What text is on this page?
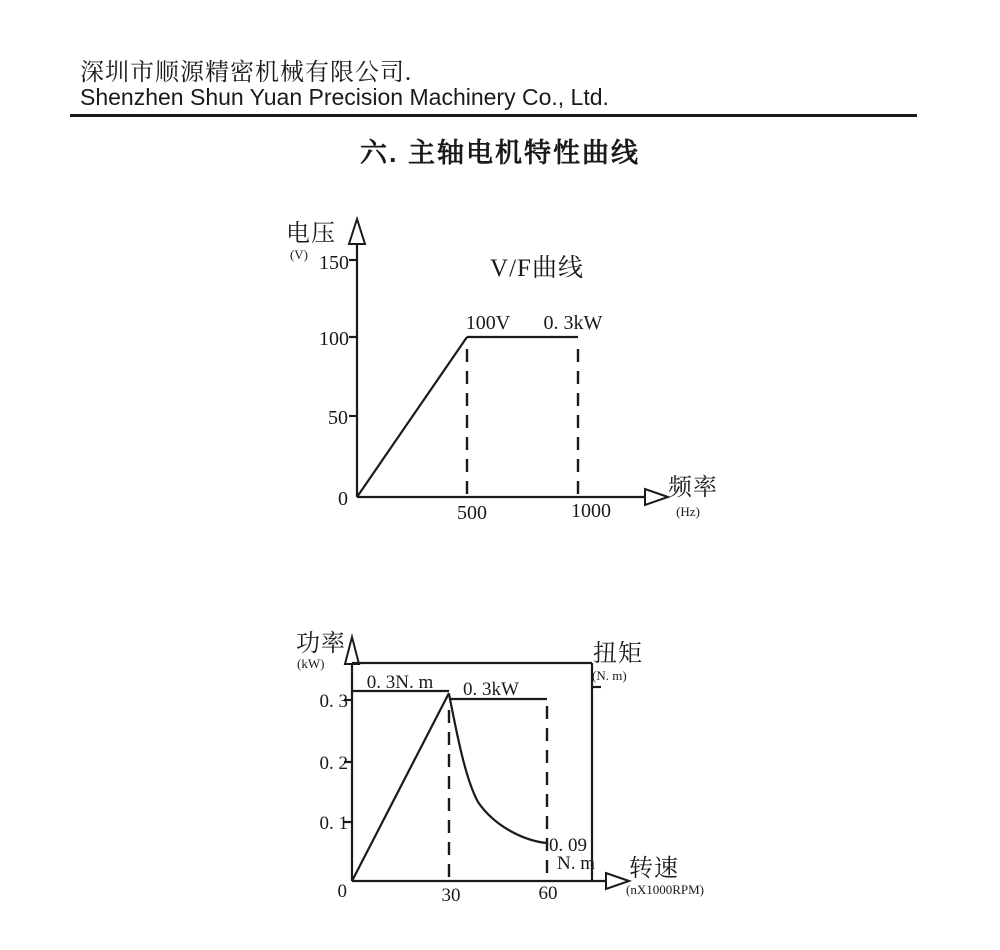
深圳市顺源精密机械有限公司.
Shenzhen Shun Yuan Precision Machinery Co., Ltd.
六. 主轴电机特性曲线
电压
(V)
V/F曲线
150
100
50
0
100V 0. 3kW
500	1000
频率
(Hz)
功率
(kW)	扭矩
(N. m)
0. 3
0. 2
0. 1
0
0. 3N. m 0. 3kW
0. 09
N. m
30	60
转速
(nX1000RPM)
